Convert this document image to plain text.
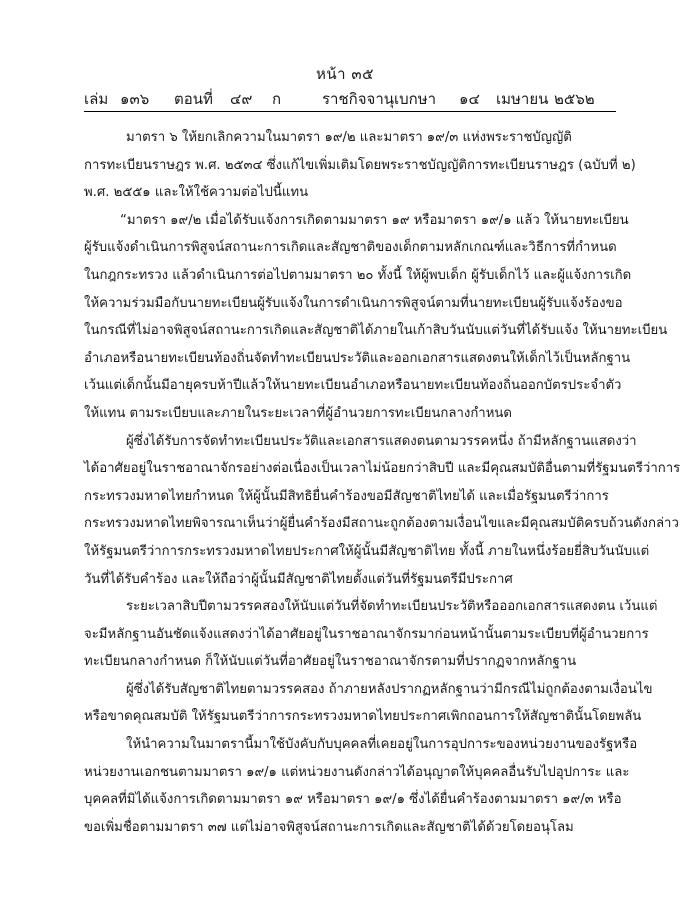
หน้า ๓๕
เล่ม ๑๓๖ ตอนที่ ๔๙ ก	ราชกิจจานุเบกษา ๑๔ เมษายน ๒๕๖๒
มาตรา ๖ ให้ยกเลิกความในมาตรา ๑๙/๒ และมาตรา ๑๙/๓ แห่งพระราชบัญญัติ
การทะเบียนราษฎร พ.ศ. ๒๕๓๔ ซึ่งแก้ไขเพิ่มเติมโดยพระราชบัญญัติการทะเบียนราษฎร (ฉบับที่ ๒)
พ.ศ. ๒๕๕๑ และให้ใช้ความต่อไปนี้แทน
“มาตรา ๑๙/๒ เมื่อได้รับแจ้งการเกิดตามมาตรา ๑๙ หรือมาตรา ๑๙/๑ แล้ว ให้นายทะเบียน
ผู้รับแจ้งดำเนินการพิสูจน์สถานะการเกิดและสัญชาติของเด็กตามหลักเกณฑ์และวิธีการที่กำหนด
ในกฎกระทรวง แล้วดำเนินการต่อไปตามมาตรา ๒๐ ทั้งนี้ ให้ผู้พบเด็ก ผู้รับเด็กไว้ และผู้แจ้งการเกิด
ให้ความร่วมมือกับนายทะเบียนผู้รับแจ้งในการดำเนินการพิสูจน์ตามที่นายทะเบียนผู้รับแจ้งร้องขอ
ในกรณีที่ไม่อาจพิสูจน์สถานะการเกิดและสัญชาติได้ภายในเก้าสิบวันนับแต่วันที่ได้รับแจ้ง ให้นายทะเบียน
อำเภอหรือนายทะเบียนท้องถิ่นจัดทำทะเบียนประวัติและออกเอกสารแสดงตนให้เด็กไว้เป็นหลักฐาน
เว้นแต่เด็กนั้นมีอายุครบห้าปีแล้วให้นายทะเบียนอำเภอหรือนายทะเบียนท้องถิ่นออกบัตรประจำตัว
ให้แทน ตามระเบียบและภายในระยะเวลาที่ผู้อำนวยการทะเบียนกลางกำหนด
ผู้ซึ่งได้รับการจัดทำทะเบียนประวัติและเอกสารแสดงตนตามวรรคหนึ่ง ถ้ามีหลักฐานแสดงว่า
ได้อาศัยอยู่ในราชอาณาจักรอย่างต่อเนื่องเป็นเวลาไม่น้อยกว่าสิบปี และมีคุณสมบัติอื่นตามที่รัฐมนตรีว่าการ
กระทรวงมหาดไทยกำหนด ให้ผู้นั้นมีสิทธิยื่นคำร้องขอมีสัญชาติไทยได้ และเมื่อรัฐมนตรีว่าการ
กระทรวงมหาดไทยพิจารณาเห็นว่าผู้ยื่นคำร้องมีสถานะถูกต้องตามเงื่อนไขและมีคุณสมบัติครบถ้วนดังกล่าว
ให้รัฐมนตรีว่าการกระทรวงมหาดไทยประกาศให้ผู้นั้นมีสัญชาติไทย ทั้งนี้ ภายในหนึ่งร้อยยี่สิบวันนับแต่
วันที่ได้รับคำร้อง และให้ถือว่าผู้นั้นมีสัญชาติไทยตั้งแต่วันที่รัฐมนตรีมีประกาศ
ระยะเวลาสิบปีตามวรรคสองให้นับแต่วันที่จัดทำทะเบียนประวัติหรือออกเอกสารแสดงตน เว้นแต่
จะมีหลักฐานอันชัดแจ้งแสดงว่าได้อาศัยอยู่ในราชอาณาจักรมาก่อนหน้านั้นตามระเบียบที่ผู้อำนวยการ
ทะเบียนกลางกำหนด ก็ให้นับแต่วันที่อาศัยอยู่ในราชอาณาจักรตามที่ปรากฏจากหลักฐาน
ผู้ซึ่งได้รับสัญชาติไทยตามวรรคสอง ถ้าภายหลังปรากฏหลักฐานว่ามีกรณีไม่ถูกต้องตามเงื่อนไข
หรือขาดคุณสมบัติ ให้รัฐมนตรีว่าการกระทรวงมหาดไทยประกาศเพิกถอนการให้สัญชาตินั้นโดยพลัน
ให้นำความในมาตรานี้มาใช้บังคับกับบุคคลที่เคยอยู่ในการอุปการะของหน่วยงานของรัฐหรือ
หน่วยงานเอกชนตามมาตรา ๑๙/๑ แต่หน่วยงานดังกล่าวได้อนุญาตให้บุคคลอื่นรับไปอุปการะ และ
บุคคลที่มิได้แจ้งการเกิดตามมาตรา ๑๙ หรือมาตรา ๑๙/๑ ซึ่งได้ยื่นคำร้องตามมาตรา ๑๙/๓ หรือ
ขอเพิ่มชื่อตามมาตรา ๓๗ แต่ไม่อาจพิสูจน์สถานะการเกิดและสัญชาติได้ด้วยโดยอนุโลม
